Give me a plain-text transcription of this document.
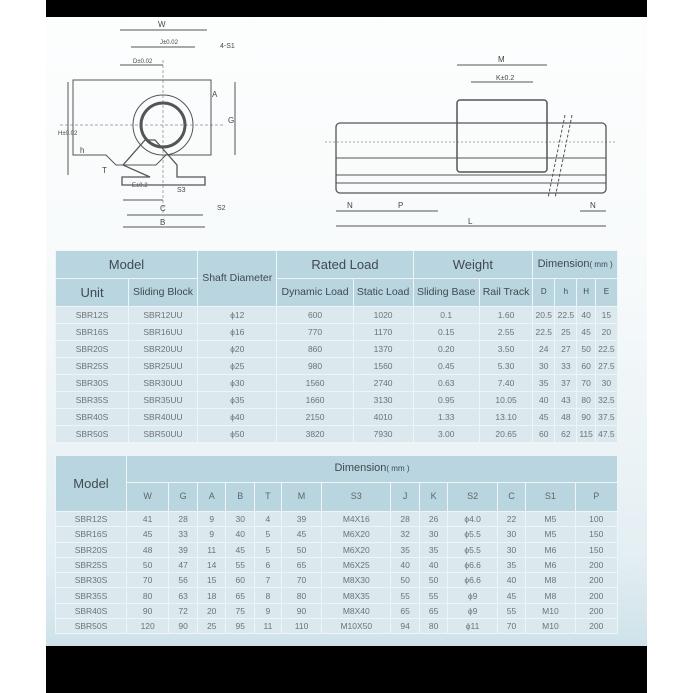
W
J±0.02
D±0.02
4-S1
A
G
H±0.02
h
T
E±0.2
S3
S2
C
B
M
K±0.2
N	P	N
L
Model		Shaft Diameter	Rated Load		Weight		Dimension( mm )			
Unit	Sliding Block		Dynamic Load	Static Load	Sliding Base	Rail Track	D	h	H	E
SBR12S	SBR12UU	ϕ12	600	1020	0.1	1.60	20.5	22.5	40	15
SBR16S	SBR16UU	ϕ16	770	1170	0.15	2.55	22.5	25	45	20
SBR20S	SBR20UU	ϕ20	860	1370	0.20	3.50	24	27	50	22.5
SBR25S	SBR25UU	ϕ25	980	1560	0.45	5.30	30	33	60	27.5
SBR30S	SBR30UU	ϕ30	1560	2740	0.63	7.40	35	37	70	30
SBR35S	SBR35UU	ϕ35	1660	3130	0.95	10.05	40	43	80	32.5
SBR40S	SBR40UU	ϕ40	2150	4010	1.33	13.10	45	48	90	37.5
SBR50S	SBR50UU	ϕ50	3820	7930	3.00	20.65	60	62	115	47.5
Model	Dimension( mm )												
	W	G	A	B	T	M	S3	J	K	S2	C	S1	P
SBR12S	41	28	9	30	4	39	M4X16	28	26	ϕ4.0	22	M5	100
SBR16S	45	33	9	40	5	45	M6X20	32	30	ϕ5.5	30	M5	150
SBR20S	48	39	11	45	5	50	M6X20	35	35	ϕ5.5	30	M6	150
SBR25S	50	47	14	55	6	65	M6X25	40	40	ϕ6.6	35	M6	200
SBR30S	70	56	15	60	7	70	M8X30	50	50	ϕ6.6	40	M8	200
SBR35S	80	63	18	65	8	80	M8X35	55	55	ϕ9	45	M8	200
SBR40S	90	72	20	75	9	90	M8X40	65	65	ϕ9	55	M10	200
SBR50S	120	90	25	95	11	110	M10X50	94	80	ϕ11	70	M10	200
